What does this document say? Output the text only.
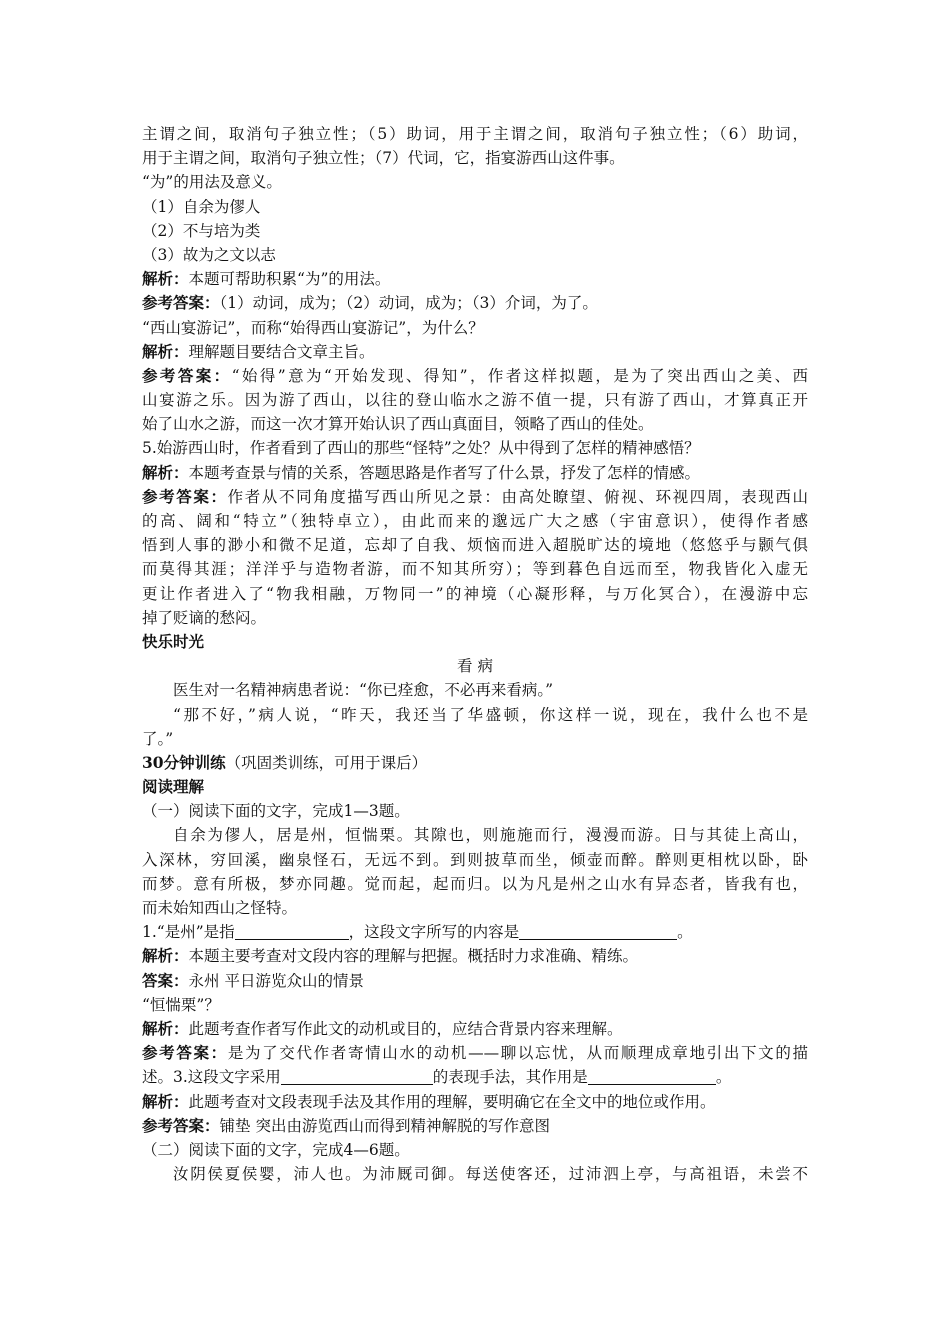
主谓之间，取消句子独立性；（5）助词，用于主谓之间，取消句子独立性；（6）助词，
用于主谓之间，取消句子独立性；（7）代词，它，指宴游西山这件事。
“为”的用法及意义。
（1）自余为僇人
（2）不与培为类
（3）故为之文以志
解析：本题可帮助积累“为”的用法。
参考答案：（1）动词，成为；（2）动词，成为；（3）介词，为了。
“西山宴游记”，而称“始得西山宴游记”，为什么？
解析：理解题目要结合文章主旨。
参考答案：“始得”意为“开始发现、得知”，作者这样拟题，是为了突出西山之美、西
山宴游之乐。因为游了西山，以往的登山临水之游不值一提，只有游了西山，才算真正开
始了山水之游，而这一次才算开始认识了西山真面目，领略了西山的佳处。
5.始游西山时，作者看到了西山的那些“怪特”之处？从中得到了怎样的精神感悟？
解析：本题考查景与情的关系，答题思路是作者写了什么景，抒发了怎样的情感。
参考答案：作者从不同角度描写西山所见之景：由高处瞭望、俯视、环视四周，表现西山
的高、阔和“特立”（独特卓立），由此而来的邈远广大之感（宇宙意识），使得作者感
悟到人事的渺小和微不足道，忘却了自我、烦恼而进入超脱旷达的境地（悠悠乎与颢气俱
而莫得其涯；洋洋乎与造物者游，而不知其所穷）；等到暮色自远而至，物我皆化入虚无
更让作者进入了“物我相融，万物同一”的神境（心凝形释，与万化冥合），在漫游中忘
掉了贬谪的愁闷。
快乐时光
看 病
医生对一名精神病患者说：“你已痊愈，不必再来看病。”
“那不好，”病人说，“昨天，我还当了华盛顿，你这样一说，现在，我什么也不是
了。”
30分钟训练（巩固类训练，可用于课后）
阅读理解
（一）阅读下面的文字，完成1—3题。
自余为僇人，居是州，恒惴栗。其隙也，则施施而行，漫漫而游。日与其徒上高山，
入深林，穷回溪，幽泉怪石，无远不到。到则披草而坐，倾壶而醉。醉则更相枕以卧，卧
而梦。意有所极，梦亦同趣。觉而起，起而归。以为凡是州之山水有异态者，皆我有也，
而未始知西山之怪特。
1.“是州”是指	，这段文字所写的内容是	。
解析：本题主要考查对文段内容的理解与把握。概括时力求准确、精练。
答案：永州 平日游览众山的情景
“恒惴栗”？
解析：此题考查作者写作此文的动机或目的，应结合背景内容来理解。
参考答案：是为了交代作者寄情山水的动机——聊以忘忧，从而顺理成章地引出下文的描
述。3.这段文字采用	的表现手法，其作用是	。
解析：此题考查对文段表现手法及其作用的理解，要明确它在全文中的地位或作用。
参考答案：铺垫 突出由游览西山而得到精神解脱的写作意图
（二）阅读下面的文字，完成4—6题。
汝阴侯夏侯婴，沛人也。为沛厩司御。每送使客还，过沛泗上亭，与高祖语，未尝不
